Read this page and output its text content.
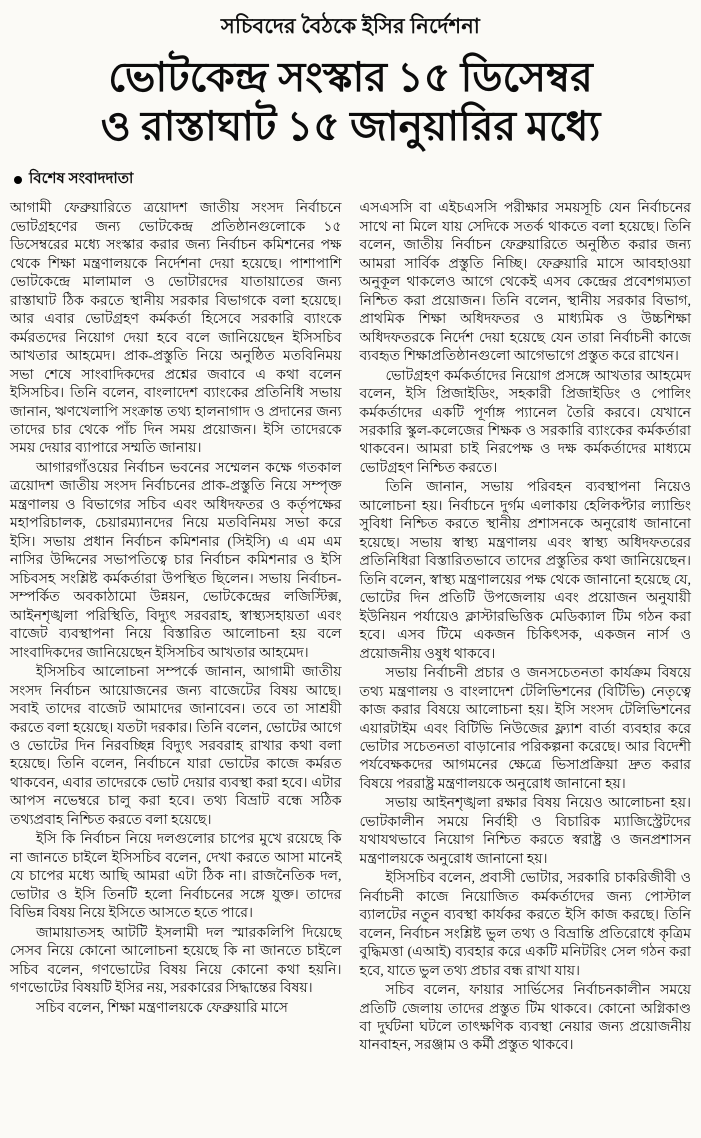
সচিবদের বৈঠকে ইসির নির্দেশনা
ভোটকেন্দ্র সংস্কার ১৫ ডিসেম্বর
ও রাস্তাঘাট ১৫ জানুয়ারির মধ্যে
বিশেষ সংবাদদাতা

আগামী ফেব্রুয়ারিতে ত্রয়োদশ জাতীয় সংসদ নির্বাচনে ভোটগ্রহণের জন্য ভোটকেন্দ্র প্রতিষ্ঠানগুলোকে ১৫ ডিসেম্বরের মধ্যে সংস্কার করার জন্য নির্বাচন কমিশনের পক্ষ থেকে শিক্ষা মন্ত্রণালয়কে নির্দেশনা দেয়া হয়েছে। পাশাপাশি ভোটকেন্দ্রে মালামাল ও ভোটারদের যাতায়াতের জন্য রাস্তাঘাট ঠিক করতে স্থানীয় সরকার বিভাগকে বলা হয়েছে। আর এবার ভোটগ্রহণ কর্মকর্তা হিসেবে সরকারি ব্যাংকে কর্মরতদের নিয়োগ দেয়া হবে বলে জানিয়েছেন ইসিসচিব আখতার আহমেদ। প্রাক-প্রস্তুতি নিয়ে অনুষ্ঠিত মতবিনিময় সভা শেষে সাংবাদিকদের প্রশ্নের জবাবে এ কথা বলেন ইসিসচিব। তিনি বলেন, বাংলাদেশ ব্যাংকের প্রতিনিধি সভায় জানান, ঋণখেলাপি সংক্রান্ত তথ্য হালনাগাদ ও প্রদানের জন্য তাদের চার থেকে পাঁচ দিন সময় প্রয়োজন। ইসি তাদেরকে সময় দেয়ার ব্যাপারে সম্মতি জানায়।

আগারগাঁওয়ের নির্বাচন ভবনের সম্মেলন কক্ষে গতকাল ত্রয়োদশ জাতীয় সংসদ নির্বাচনের প্রাক-প্রস্তুতি নিয়ে সম্পৃক্ত মন্ত্রণালয় ও বিভাগের সচিব এবং অধিদফতর ও কর্তৃপক্ষের মহাপরিচালক, চেয়ারম্যানদের নিয়ে মতবিনিময় সভা করে ইসি। সভায় প্রধান নির্বাচন কমিশনার (সিইসি) এ এম এম নাসির উদ্দিনের সভাপতিত্বে চার নির্বাচন কমিশনার ও ইসি সচিবসহ সংশ্লিষ্ট কর্মকর্তারা উপস্থিত ছিলেন। সভায় নির্বাচন-সম্পর্কিত অবকাঠামো উন্নয়ন, ভোটকেন্দ্রের লজিস্টিক্স, আইনশৃঙ্খলা পরিস্থিতি, বিদ্যুৎ সরবরাহ, স্বাস্থ্যসহায়তা এবং বাজেট ব্যবস্থাপনা নিয়ে বিস্তারিত আলোচনা হয় বলে সাংবাদিকদের জানিয়েছেন ইসিসচিব আখতার আহমেদ।

ইসিসচিব আলোচনা সম্পর্কে জানান, আগামী জাতীয় সংসদ নির্বাচন আয়োজনের জন্য বাজেটের বিষয় আছে। সবাই তাদের বাজেট আমাদের জানাবেন। তবে তা সাশ্রয়ী করতে বলা হয়েছে। যতটা দরকার। তিনি বলেন, ভোটের আগে ও ভোটের দিন নিরবচ্ছিন্ন বিদ্যুৎ সরবরাহ রাখার কথা বলা হয়েছে। তিনি বলেন, নির্বাচনে যারা ভোটের কাজে কর্মরত থাকবেন, এবার তাদেরকে ভোট দেয়ার ব্যবস্থা করা হবে। এটার আপস নভেম্বরে চালু করা হবে। তথ্য বিভ্রাট বন্ধে সঠিক তথ্যপ্রবাহ নিশ্চিত করতে বলা হয়েছে।

ইসি কি নির্বাচন নিয়ে দলগুলোর চাপের মুখে রয়েছে কি না জানতে চাইলে ইসিসচিব বলেন, দেখা করতে আসা মানেই যে চাপের মধ্যে আছি আমরা এটা ঠিক না। রাজনৈতিক দল, ভোটার ও ইসি তিনটি হলো নির্বাচনের সঙ্গে যুক্ত। তাদের বিভিন্ন বিষয় নিয়ে ইসিতে আসতে হতে পারে।

জামায়াতসহ আটটি ইসলামী দল স্মারকলিপি দিয়েছে সেসব নিয়ে কোনো আলোচনা হয়েছে কি না জানতে চাইলে সচিব বলেন, গণভোটের বিষয় নিয়ে কোনো কথা হয়নি। গণভোটের বিষয়টি ইসির নয়, সরকারের সিদ্ধান্তের বিষয়।

সচিব বলেন, শিক্ষা মন্ত্রণালয়কে ফেব্রুয়ারি মাসে

এসএসসি বা এইচএসসি পরীক্ষার সময়সূচি যেন নির্বাচনের সাথে না মিলে যায় সেদিকে সতর্ক থাকতে বলা হয়েছে। তিনি বলেন, জাতীয় নির্বাচন ফেব্রুয়ারিতে অনুষ্ঠিত করার জন্য আমরা সার্বিক প্রস্তুতি নিচ্ছি। ফেব্রুয়ারি মাসে আবহাওয়া অনুকূল থাকলেও আগে থেকেই এসব কেন্দ্রের প্রবেশগম্যতা নিশ্চিত করা প্রয়োজন। তিনি বলেন, স্থানীয় সরকার বিভাগ, প্রাথমিক শিক্ষা অধিদফতর ও মাধ্যমিক ও উচ্চশিক্ষা অধিদফতরকে নির্দেশ দেয়া হয়েছে যেন তারা নির্বাচনী কাজে ব্যবহৃত শিক্ষাপ্রতিষ্ঠানগুলো আগেভাগে প্রস্তুত করে রাখেন।

ভোটগ্রহণ কর্মকর্তাদের নিয়োগ প্রসঙ্গে আখতার আহমেদ বলেন, ইসি প্রিজাইডিং, সহকারী প্রিজাইডিং ও পোলিং কর্মকর্তাদের একটি পূর্ণাঙ্গ প্যানেল তৈরি করবে। যেখানে সরকারি স্কুল-কলেজের শিক্ষক ও সরকারি ব্যাংকের কর্মকর্তারা থাকবেন। আমরা চাই নিরপেক্ষ ও দক্ষ কর্মকর্তাদের মাধ্যমে ভোটগ্রহণ নিশ্চিত করতে।

তিনি জানান, সভায় পরিবহন ব্যবস্থাপনা নিয়েও আলোচনা হয়। নির্বাচনে দুর্গম এলাকায় হেলিকপ্টার ল্যান্ডিং সুবিধা নিশ্চিত করতে স্থানীয় প্রশাসনকে অনুরোধ জানানো হয়েছে। সভায় স্বাস্থ্য মন্ত্রণালয় এবং স্বাস্থ্য অধিদফতরের প্রতিনিধিরা বিস্তারিতভাবে তাদের প্রস্তুতির কথা জানিয়েছেন। তিনি বলেন, স্বাস্থ্য মন্ত্রণালয়ের পক্ষ থেকে জানানো হয়েছে যে, ভোটের দিন প্রতিটি উপজেলায় এবং প্রয়োজন অনুযায়ী ইউনিয়ন পর্যায়েও ক্লাস্টারভিত্তিক মেডিক্যাল টিম গঠন করা হবে। এসব টিমে একজন চিকিৎসক, একজন নার্স ও প্রয়োজনীয় ওষুধ থাকবে।

সভায় নির্বাচনী প্রচার ও জনসচেতনতা কার্যক্রম বিষয়ে তথ্য মন্ত্রণালয় ও বাংলাদেশ টেলিভিশনের (বিটিভি) নেতৃত্বে কাজ করার বিষয়ে আলোচনা হয়। ইসি সংসদ টেলিভিশনের এয়ারটাইম এবং বিটিভি নিউজের ফ্ল্যাশ বার্তা ব্যবহার করে ভোটার সচেতনতা বাড়ানোর পরিকল্পনা করেছে। আর বিদেশী পর্যবেক্ষকদের আগমনের ক্ষেত্রে ভিসাপ্রক্রিয়া দ্রুত করার বিষয়ে পররাষ্ট্র মন্ত্রণালয়কে অনুরোধ জানানো হয়।

সভায় আইনশৃঙ্খলা রক্ষার বিষয় নিয়েও আলোচনা হয়। ভোটকালীন সময়ে নির্বাহী ও বিচারিক ম্যাজিস্ট্রেটদের যথাযথভাবে নিয়োগ নিশ্চিত করতে স্বরাষ্ট্র ও জনপ্রশাসন মন্ত্রণালয়কে অনুরোধ জানানো হয়।

ইসিসচিব বলেন, প্রবাসী ভোটার, সরকারি চাকরিজীবী ও নির্বাচনী কাজে নিয়োজিত কর্মকর্তাদের জন্য পোস্টাল ব্যালটের নতুন ব্যবস্থা কার্যকর করতে ইসি কাজ করছে। তিনি বলেন, নির্বাচন সংশ্লিষ্ট ভুল তথ্য ও বিভ্রান্তি প্রতিরোধে কৃত্রিম বুদ্ধিমত্তা (এআই) ব্যবহার করে একটি মনিটরিং সেল গঠন করা হবে, যাতে ভুল তথ্য প্রচার বন্ধ রাখা যায়।

সচিব বলেন, ফায়ার সার্ভিসের নির্বাচনকালীন সময়ে প্রতিটি জেলায় তাদের প্রস্তুত টিম থাকবে। কোনো অগ্নিকাণ্ড বা দুর্ঘটনা ঘটলে তাৎক্ষণিক ব্যবস্থা নেয়ার জন্য প্রয়োজনীয় যানবাহন, সরঞ্জাম ও কর্মী প্রস্তুত থাকবে।
